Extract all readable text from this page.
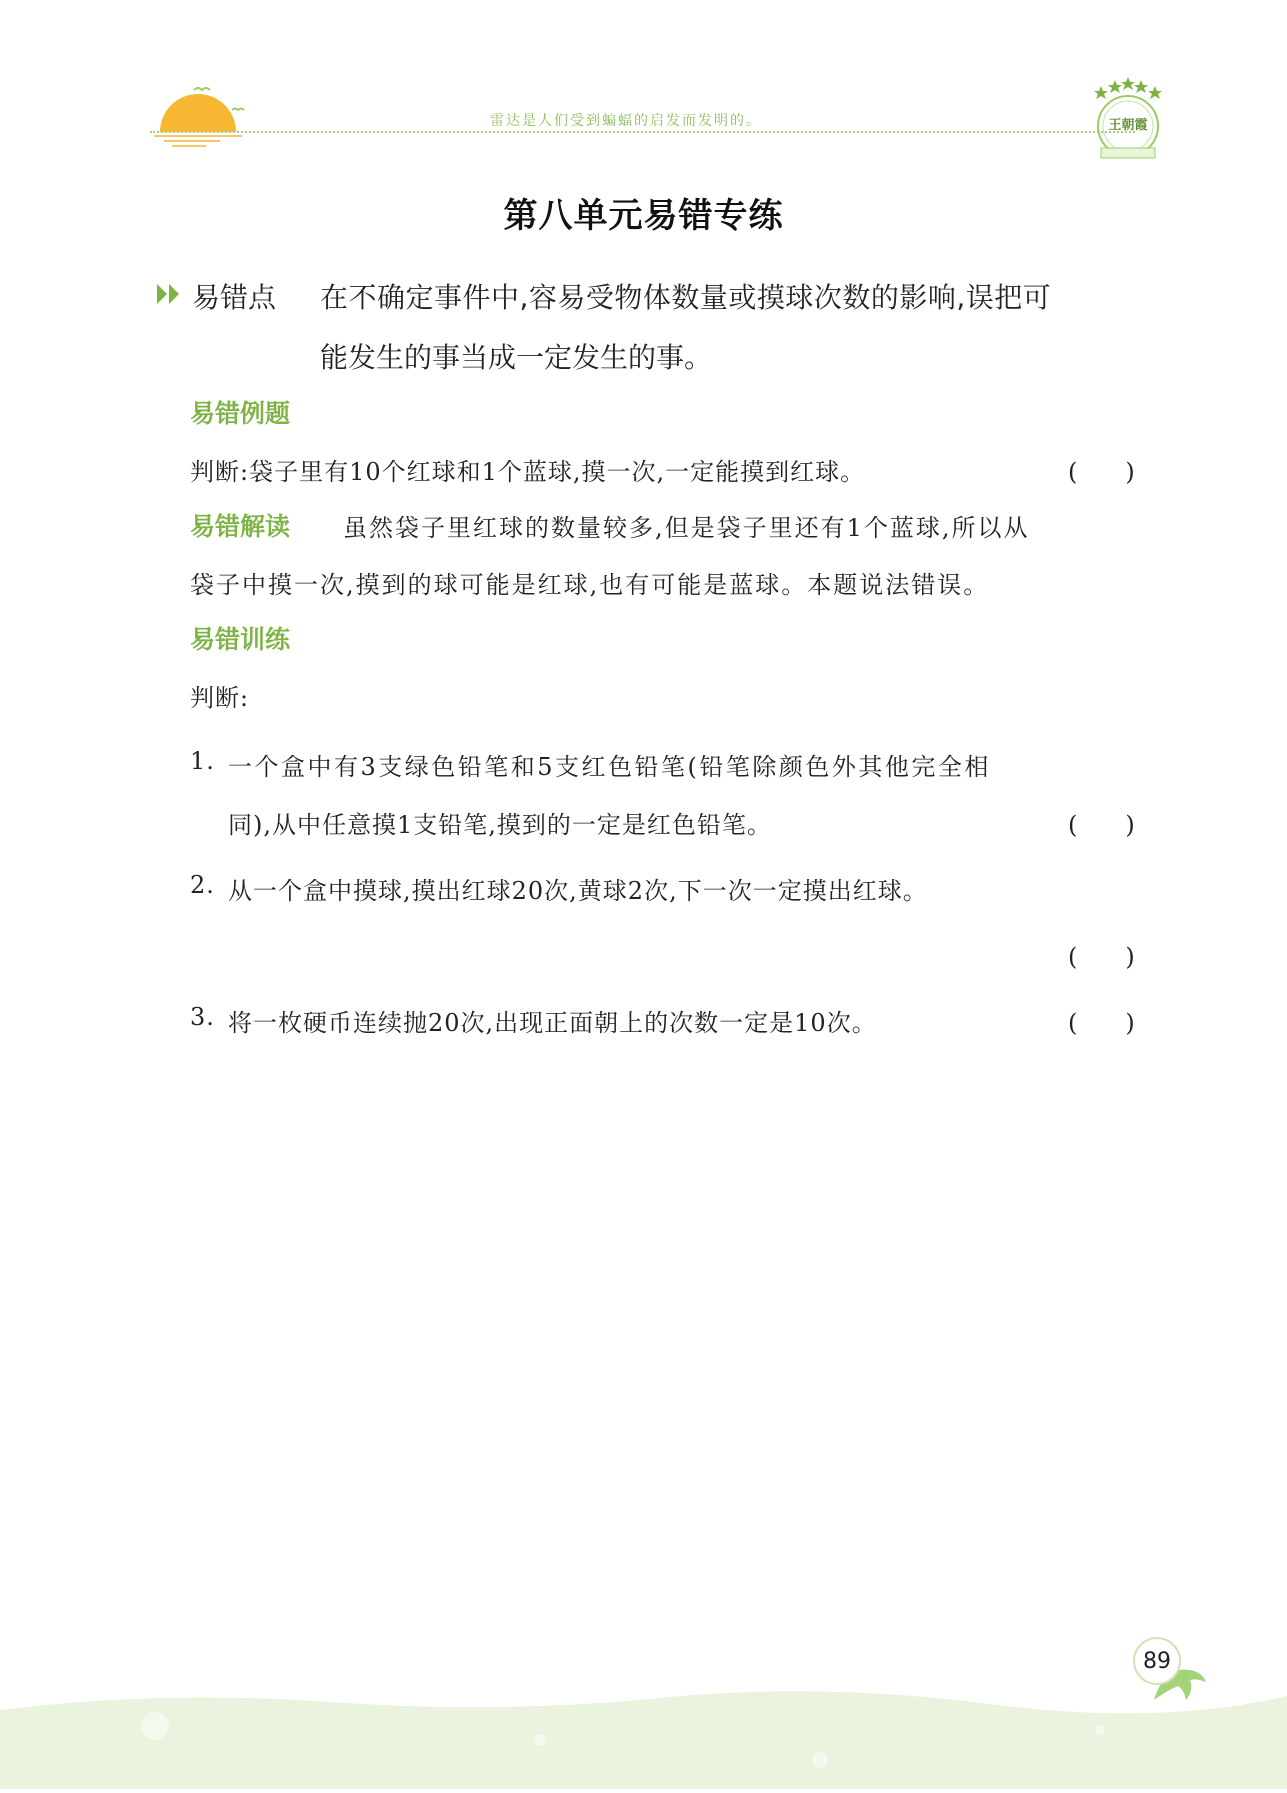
雷达是人们受到蝙蝠的启发而发明的。	王朝霞
第八单元易错专练
易错点 在不确定事件中,容易受物体数量或摸球次数的影响,误把可
能发生的事当成一定发生的事。
易错例题
判断:袋子里有10个红球和1个蓝球,摸一次,一定能摸到红球。	(　　)
易错解读 虽然袋子里红球的数量较多,但是袋子里还有1个蓝球,所以从
袋子中摸一次,摸到的球可能是红球,也有可能是蓝球。本题说法错误。
易错训练
判断:
1. 一个盒中有3支绿色铅笔和5支红色铅笔(铅笔除颜色外其他完全相
同),从中任意摸1支铅笔,摸到的一定是红色铅笔。	(　　)
2. 从一个盒中摸球,摸出红球20次,黄球2次,下一次一定摸出红球。
(　　)
3. 将一枚硬币连续抛20次,出现正面朝上的次数一定是10次。	(　　)
89
